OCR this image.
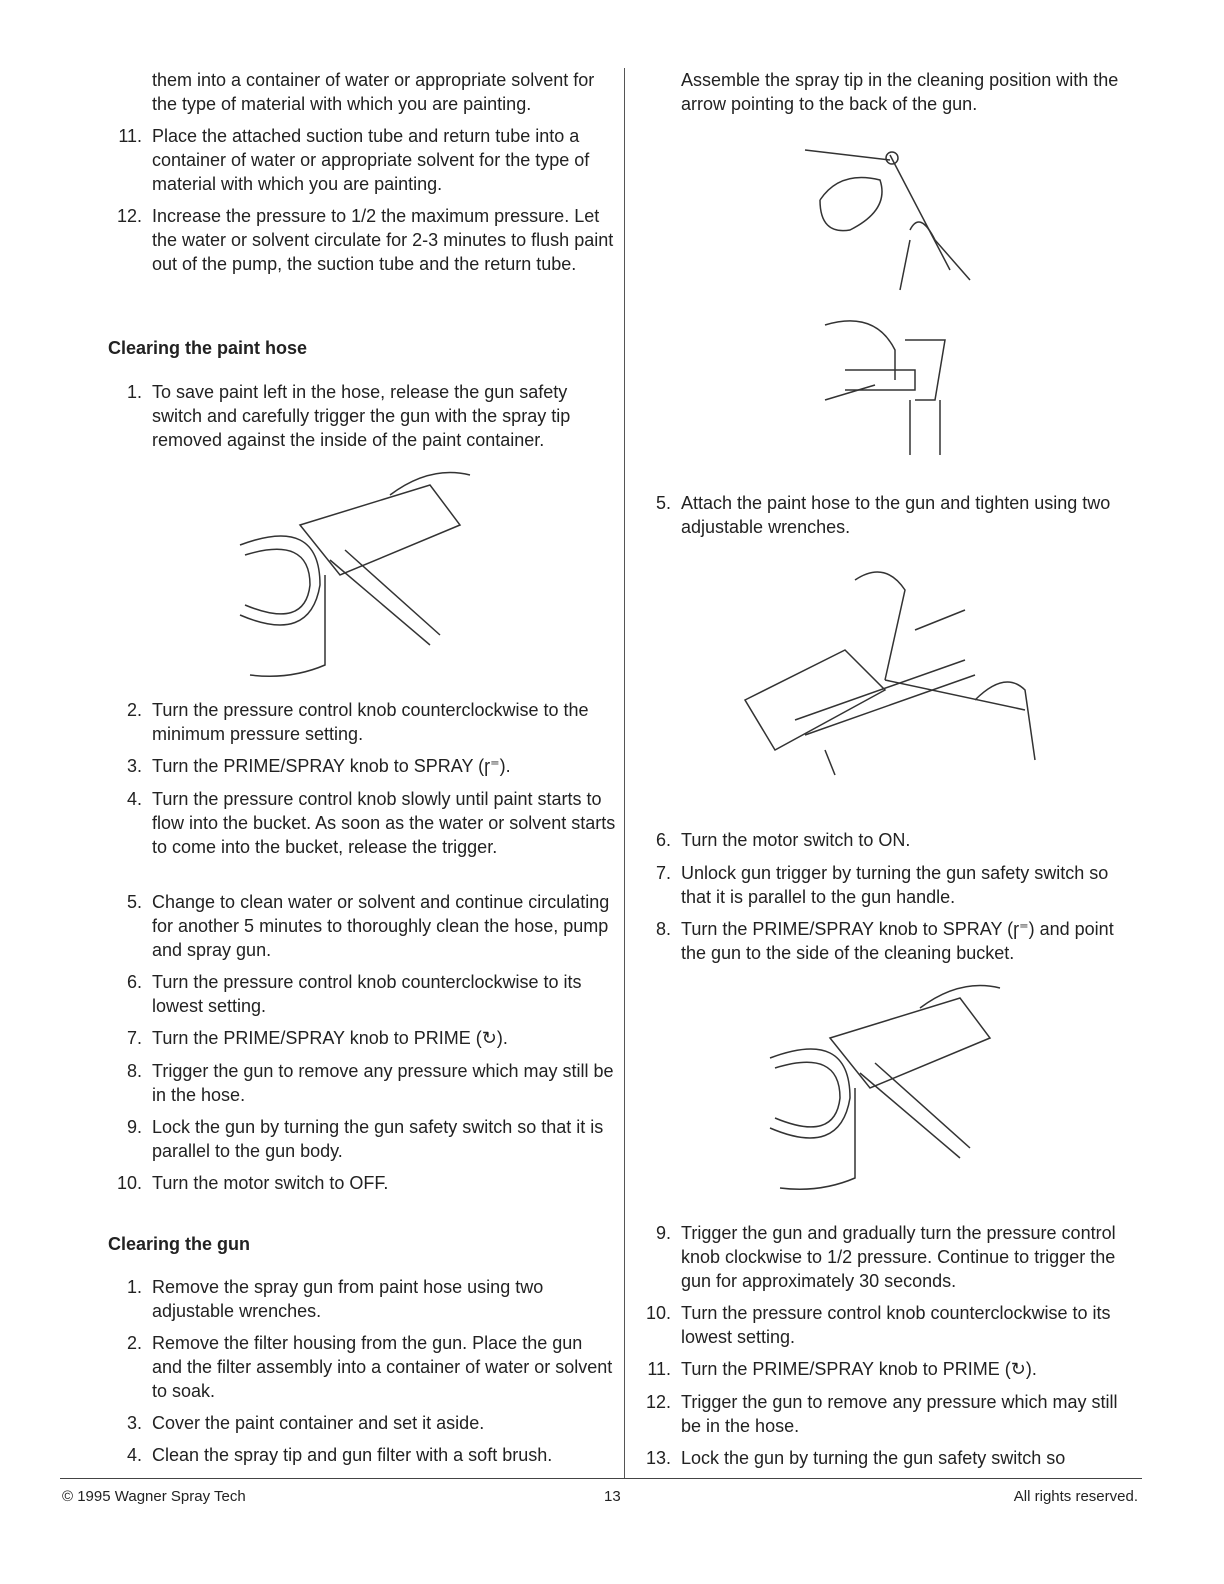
them into a container of water or appropriate solvent for the type of material with which you are painting.
11. Place the attached suction tube and return tube into a container of water or appropriate solvent for the type of material with which you are painting.
12. Increase the pressure to 1/2 the maximum pressure. Let the water or solvent circulate for 2-3 minutes to flush paint out of the pump, the suction tube and the return tube.
Clearing the paint hose
1. To save paint left in the hose, release the gun safety switch and carefully trigger the gun with the spray tip removed against the inside of the paint container.
2. Turn the pressure control knob counterclockwise to the minimum pressure setting.
3. Turn the PRIME/SPRAY knob to SPRAY (ɼ⁼).
4. Turn the pressure control knob slowly until paint starts to flow into the bucket. As soon as the water or solvent starts to come into the bucket, release the trigger.
5. Change to clean water or solvent and continue circulating for another 5 minutes to thoroughly clean the hose, pump and spray gun.
6. Turn the pressure control knob counterclockwise to its lowest setting.
7. Turn the PRIME/SPRAY knob to PRIME (↻).
8. Trigger the gun to remove any pressure which may still be in the hose.
9. Lock the gun by turning the gun safety switch so that it is parallel to the gun body.
10. Turn the motor switch to OFF.
Clearing the gun
1. Remove the spray gun from paint hose using two adjustable wrenches.
2. Remove the filter housing from the gun. Place the gun and the filter assembly into a container of water or solvent to soak.
3. Cover the paint container and set it aside.
4. Clean the spray tip and gun filter with a soft brush.
Assemble the spray tip in the cleaning position with the arrow pointing to the back of the gun.
5. Attach the paint hose to the gun and tighten using two adjustable wrenches.
6. Turn the motor switch to ON.
7. Unlock gun trigger by turning the gun safety switch so that it is parallel to the gun handle.
8. Turn the PRIME/SPRAY knob to SPRAY (ɼ⁼) and point the gun to the side of the cleaning bucket.
9. Trigger the gun and gradually turn the pressure control knob clockwise to 1/2 pressure. Continue to trigger the gun for approximately 30 seconds.
10. Turn the pressure control knob counterclockwise to its lowest setting.
11. Turn the PRIME/SPRAY knob to PRIME (↻).
12. Trigger the gun to remove any pressure which may still be in the hose.
13. Lock the gun by turning the gun safety switch so
© 1995 Wagner Spray Tech	13	All rights reserved.
